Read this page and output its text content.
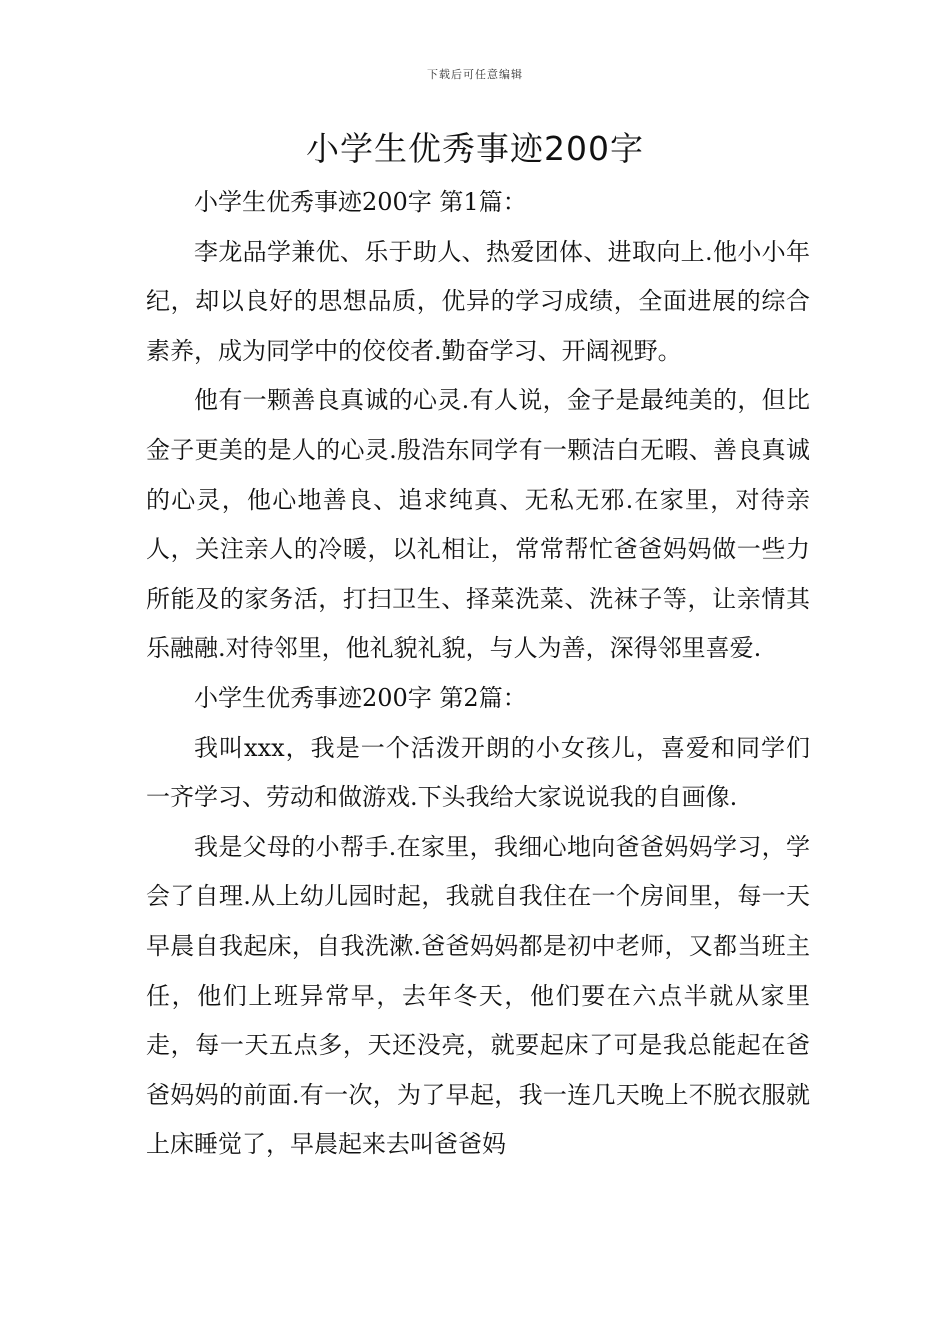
下载后可任意编辑
小学生优秀事迹200字

小学生优秀事迹200字 第1篇：

李龙品学兼优、乐于助人、热爱团体、进取向上.他小小年纪，却以良好的思想品质，优异的学习成绩，全面进展的综合素养，成为同学中的佼佼者.勤奋学习、开阔视野。

他有一颗善良真诚的心灵.有人说，金子是最纯美的，但比金子更美的是人的心灵.殷浩东同学有一颗洁白无暇、善良真诚的心灵，他心地善良、追求纯真、无私无邪.在家里，对待亲人，关注亲人的冷暖，以礼相让，常常帮忙爸爸妈妈做一些力所能及的家务活，打扫卫生、择菜洗菜、洗袜子等，让亲情其乐融融.对待邻里，他礼貌礼貌，与人为善，深得邻里喜爱.

小学生优秀事迹200字 第2篇：

我叫xxx，我是一个活泼开朗的小女孩儿，喜爱和同学们一齐学习、劳动和做游戏.下头我给大家说说我的自画像.

我是父母的小帮手.在家里，我细心地向爸爸妈妈学习，学会了自理.从上幼儿园时起，我就自我住在一个房间里，每一天早晨自我起床，自我洗漱.爸爸妈妈都是初中老师，又都当班主任，他们上班异常早，去年冬天，他们要在六点半就从家里走，每一天五点多，天还没亮，就要起床了可是我总能起在爸爸妈妈的前面.有一次，为了早起，我一连几天晚上不脱衣服就上床睡觉了，早晨起来去叫爸爸妈
